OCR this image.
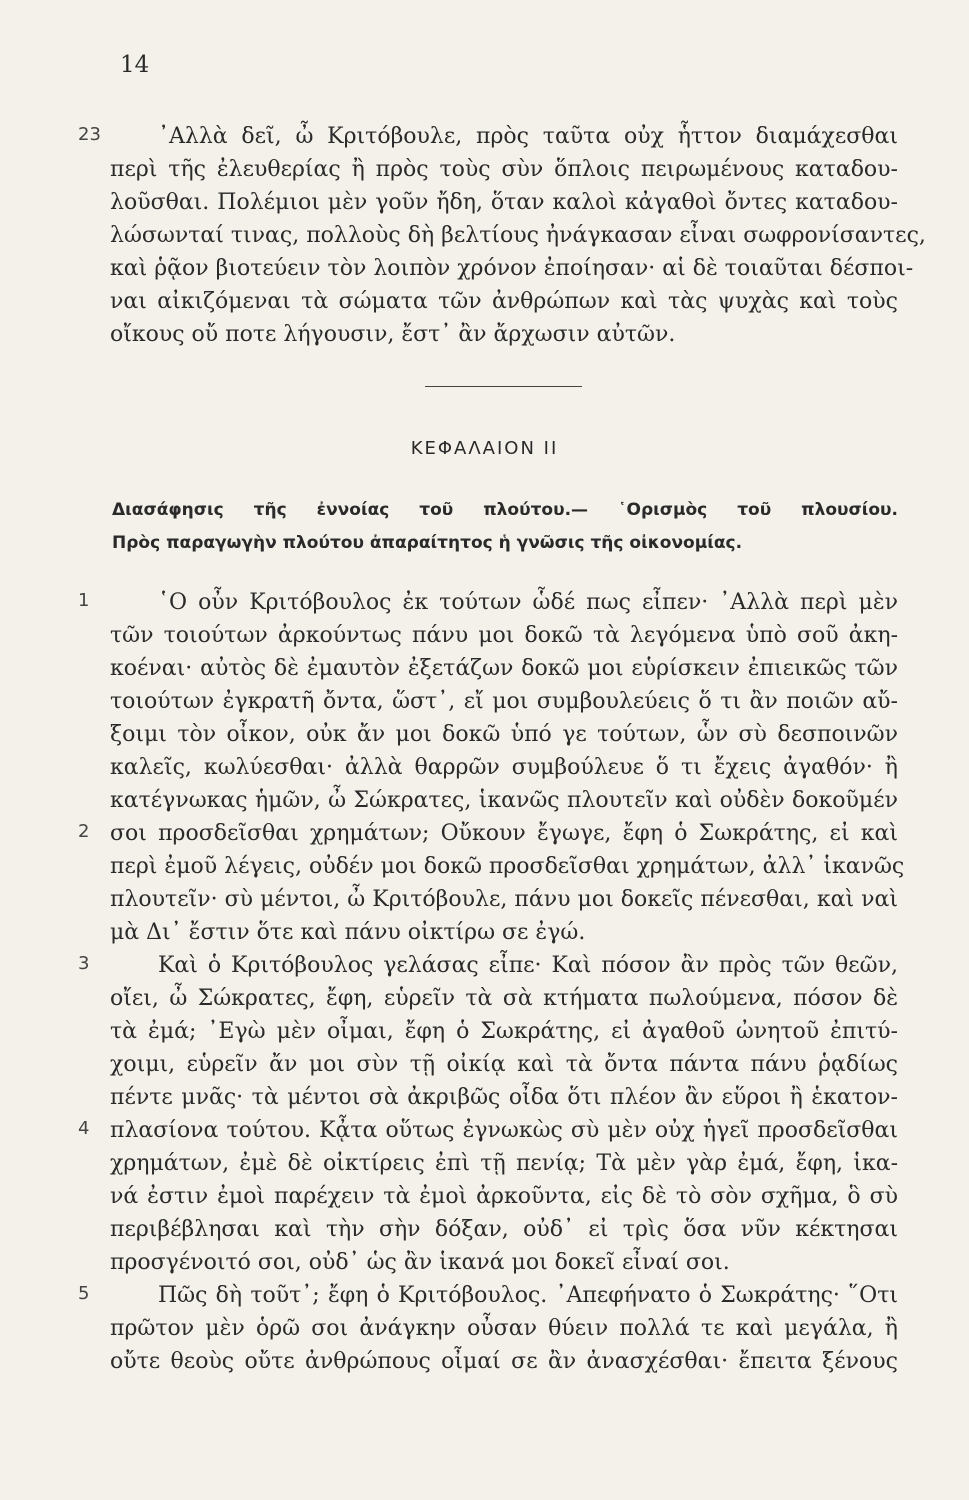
14
23	᾿Αλλὰ δεῖ, ὦ Κριτόβουλε, πρὸς ταῦτα οὐχ ἧττον διαμάχεσθαι
περὶ τῆς ἐλευθερίας ἢ πρὸς τοὺς σὺν ὅπλοις πειρωμένους καταδου-
λοῦσθαι. Πολέμιοι μὲν γοῦν ἤδη, ὅταν καλοὶ κἀγαθοὶ ὄντες καταδου-
λώσωνταί τινας, πολλοὺς δὴ βελτίους ἠνάγκασαν εἶναι σωφρονίσαντες,
καὶ ῥᾷον βιοτεύειν τὸν λοιπὸν χρόνον ἐποίησαν· αἱ δὲ τοιαῦται δέσποι-
ναι αἰκιζόμεναι τὰ σώματα τῶν ἀνθρώπων καὶ τὰς ψυχὰς καὶ τοὺς
οἴκους οὔ ποτε λήγουσιν, ἔστ᾿ ἂν ἄρχωσιν αὐτῶν.
ΚΕΦΑΛΑΙΟΝ ΙΙ
Διασάφησις τῆς ἐννοίας τοῦ πλούτου.— ῾Ορισμὸς τοῦ πλουσίου.
Πρὸς παραγωγὴν πλούτου ἀπαραίτητος ἡ γνῶσις τῆς οἰκονομίας.
1
2
3
4
5
῾Ο οὖν Κριτόβουλος ἐκ τούτων ὧδέ πως εἶπεν· ᾿Αλλὰ περὶ μὲν
τῶν τοιούτων ἀρκούντως πάνυ μοι δοκῶ τὰ λεγόμενα ὑπὸ σοῦ ἀκη-
κοέναι· αὐτὸς δὲ ἐμαυτὸν ἐξετάζων δοκῶ μοι εὑρίσκειν ἐπιεικῶς τῶν
τοιούτων ἐγκρατῆ ὄντα, ὥστ᾿, εἴ μοι συμβουλεύεις ὅ τι ἂν ποιῶν αὔ-
ξοιμι τὸν οἶκον, οὐκ ἄν μοι δοκῶ ὑπό γε τούτων, ὧν σὺ δεσποινῶν
καλεῖς, κωλύεσθαι· ἀλλὰ θαρρῶν συμβούλευε ὅ τι ἔχεις ἀγαθόν· ἢ
κατέγνωκας ἡμῶν, ὦ Σώκρατες, ἱκανῶς πλουτεῖν καὶ οὐδὲν δοκοῦμέν
σοι προσδεῖσθαι χρημάτων; Οὔκουν ἔγωγε, ἔφη ὁ Σωκράτης, εἰ καὶ
περὶ ἐμοῦ λέγεις, οὐδέν μοι δοκῶ προσδεῖσθαι χρημάτων, ἀλλ᾿ ἱκανῶς
πλουτεῖν· σὺ μέντοι, ὦ Κριτόβουλε, πάνυ μοι δοκεῖς πένεσθαι, καὶ ναὶ
μὰ Δι᾿ ἔστιν ὅτε καὶ πάνυ οἰκτίρω σε ἐγώ.
Καὶ ὁ Κριτόβουλος γελάσας εἶπε· Καὶ πόσον ἂν πρὸς τῶν θεῶν,
οἴει, ὦ Σώκρατες, ἔφη, εὑρεῖν τὰ σὰ κτήματα πωλούμενα, πόσον δὲ
τὰ ἐμά; ᾿Εγὼ μὲν οἶμαι, ἔφη ὁ Σωκράτης, εἰ ἀγαθοῦ ὠνητοῦ ἐπιτύ-
χοιμι, εὑρεῖν ἄν μοι σὺν τῇ οἰκίᾳ καὶ τὰ ὄντα πάντα πάνυ ῥᾳδίως
πέντε μνᾶς· τὰ μέντοι σὰ ἀκριβῶς οἶδα ὅτι πλέον ἂν εὕροι ἢ ἑκατον-
πλασίονα τούτου. Κᾆτα οὕτως ἐγνωκὼς σὺ μὲν οὐχ ἡγεῖ προσδεῖσθαι
χρημάτων, ἐμὲ δὲ οἰκτίρεις ἐπὶ τῇ πενίᾳ; Τὰ μὲν γὰρ ἐμά, ἔφη, ἱκα-
νά ἐστιν ἐμοὶ παρέχειν τὰ ἐμοὶ ἀρκοῦντα, εἰς δὲ τὸ σὸν σχῆμα, ὃ σὺ
περιβέβλησαι καὶ τὴν σὴν δόξαν, οὐδ᾿ εἰ τρὶς ὅσα νῦν κέκτησαι
προσγένοιτό σοι, οὐδ᾿ ὡς ἂν ἱκανά μοι δοκεῖ εἶναί σοι.
Πῶς δὴ τοῦτ᾿; ἔφη ὁ Κριτόβουλος. ᾿Απεφήνατο ὁ Σωκράτης· ῞Οτι
πρῶτον μὲν ὁρῶ σοι ἀνάγκην οὖσαν θύειν πολλά τε καὶ μεγάλα, ἢ
οὔτε θεοὺς οὔτε ἀνθρώπους οἶμαί σε ἂν ἀνασχέσθαι· ἔπειτα ξένους
